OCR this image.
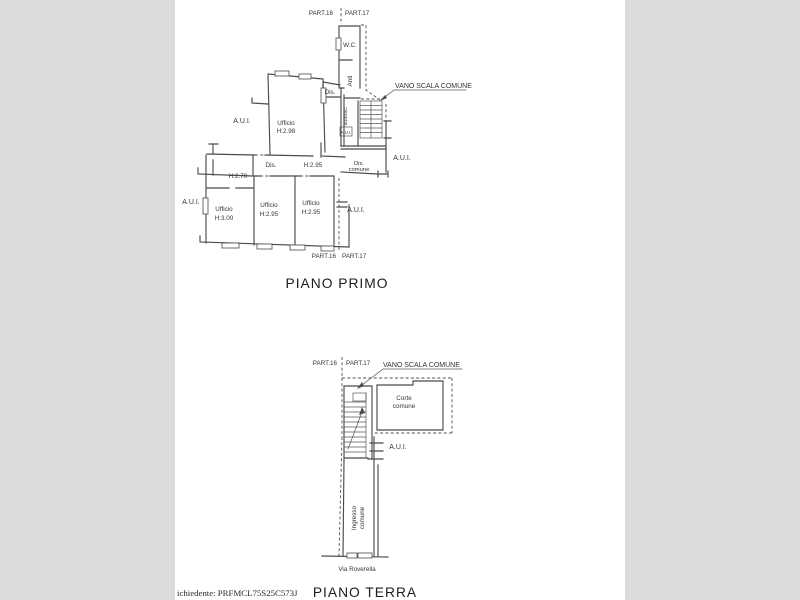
PART.16 PART.17
W.C.
Anti
Dis.
VANO SCALA COMUNE
sottosc.
A.U.I.
A.U.I.
Dis.
comune
H:2.95
Dis.
H:2.70
A.U.I.
A.U.I.
A.U.I.
Ufficio
H:2.98
Ufficio
H:3.00
Ufficio
H:2.95
Ufficio
H:2.95
PART.16 PART.17
PIANO PRIMO
PART.16 PART.17 VANO SCALA COMUNE
Corte
comune
A.U.I.
Ingresso comune
Via Roverella
PIANO TERRA
ichiedente: PRFMCL75S25C573J
